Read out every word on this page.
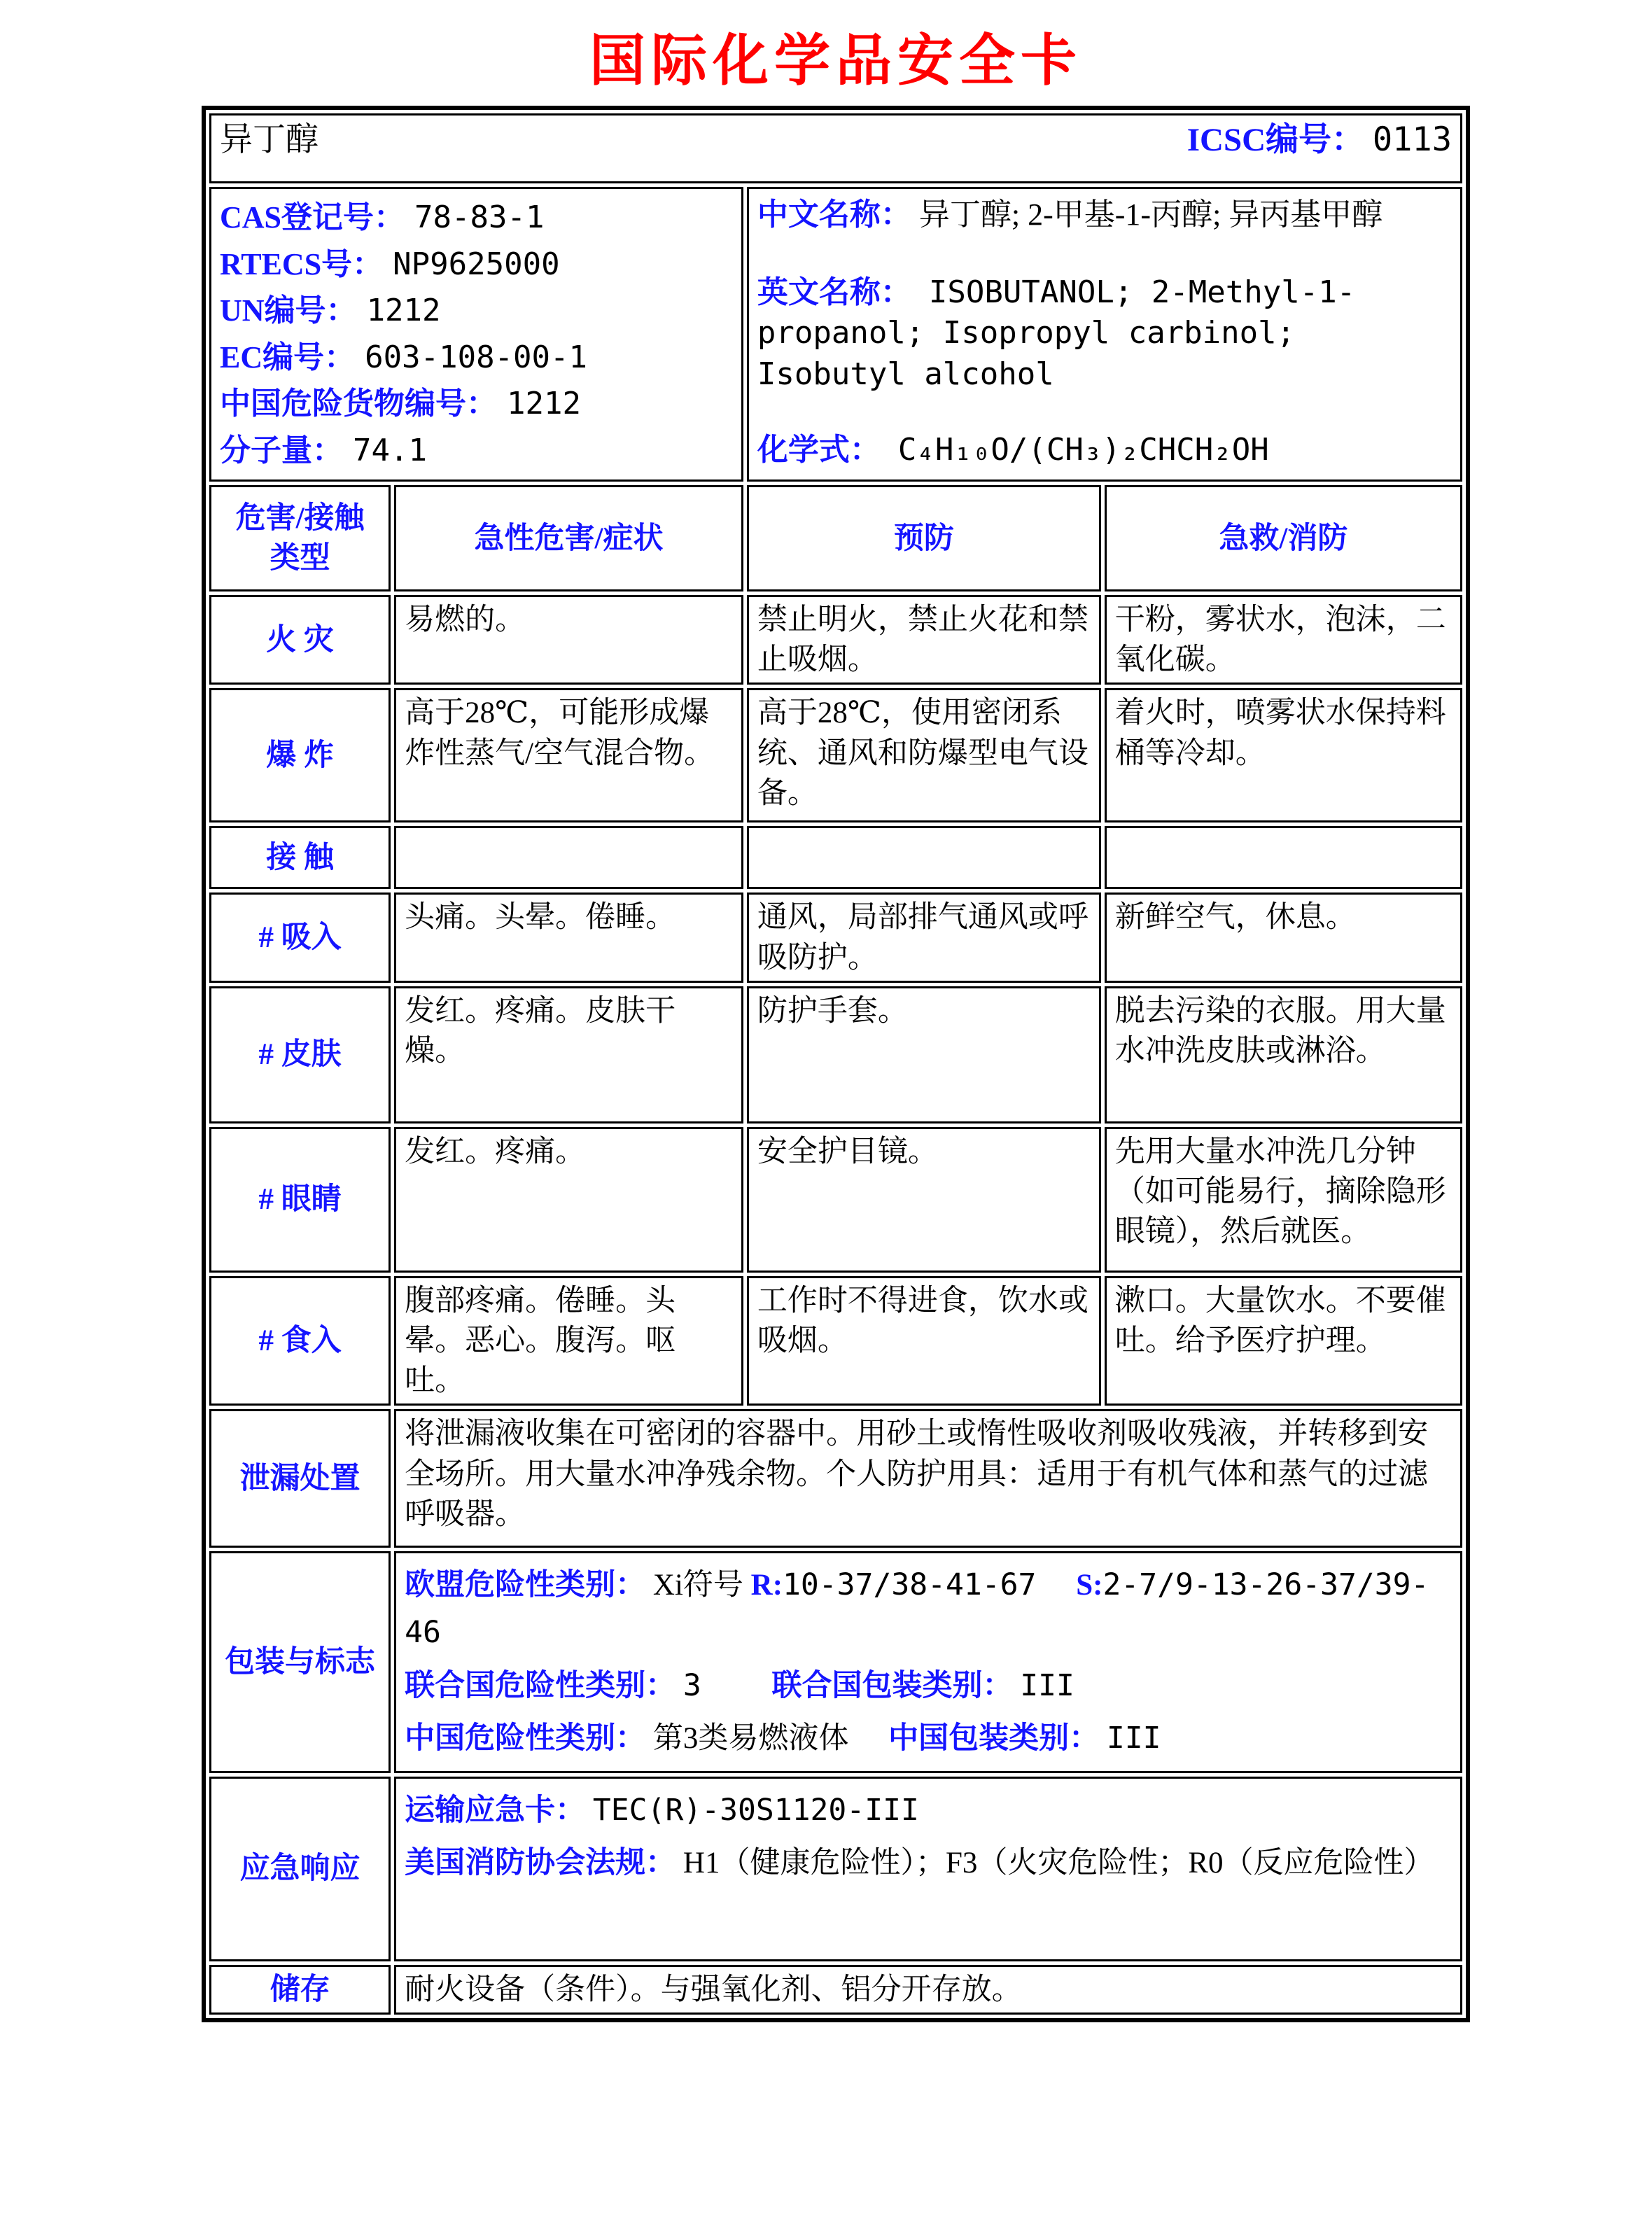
国际化学品安全卡
异丁醇 ICSC编号： 0113			

CAS登记号： 78-83-1
RTECS号： NP9625000
UN编号： 1212
EC编号： 603-108-00-1
中国危险货物编号： 1212
分子量： 74.1

中文名称： 异丁醇; 2-甲基-1-丙醇; 异丙基甲醇
英文名称： ISOBUTANOL; 2-Methyl-1-propanol; Isopropyl carbinol; Isobutyl alcohol
化学式： C₄H₁₀O/(CH₃)₂CHCH₂OH

危害/接触 类型	急性危害/症状	预防	急救/消防
火 灾	易燃的。	禁止明火，禁止火花和禁止吸烟。	干粉，雾状水，泡沫，二氧化碳。
爆 炸	高于28℃，可能形成爆炸性蒸气/空气混合物。	高于28℃，使用密闭系统、通风和防爆型电气设备。	着火时，喷雾状水保持料桶等冷却。
接 触			
# 吸入	头痛。头晕。倦睡。	通风，局部排气通风或呼吸防护。	新鲜空气，休息。
# 皮肤	发红。疼痛。皮肤干燥。	防护手套。	脱去污染的衣服。用大量水冲洗皮肤或淋浴。
# 眼睛	发红。疼痛。	安全护目镜。	先用大量水冲洗几分钟（如可能易行，摘除隐形眼镜），然后就医。
# 食入	腹部疼痛。倦睡。头晕。恶心。腹泻。呕吐。	工作时不得进食，饮水或吸烟。	漱口。大量饮水。不要催吐。给予医疗护理。
泄漏处置	将泄漏液收集在可密闭的容器中。用砂土或惰性吸收剂吸收残液，并转移到安全场所。用大量水冲净残余物。个人防护用具：适用于有机气体和蒸气的过滤呼吸器。		
包装与标志	欧盟危险性类别： Xi符号 R:10-37/38-41-67 S:2-7/9-13-26-37/39-46
联合国危险性类别： 3 联合国包装类别： III
中国危险性类别： 第3类易燃液体 中国包装类别： III		

应急响应	运输应急卡： TEC(R)-30S1120-III
美国消防协会法规： H1（健康危险性）；F3（火灾危险性；R0（反应危险性）		

储存	耐火设备（条件）。与强氧化剂、铝分开存放。		
